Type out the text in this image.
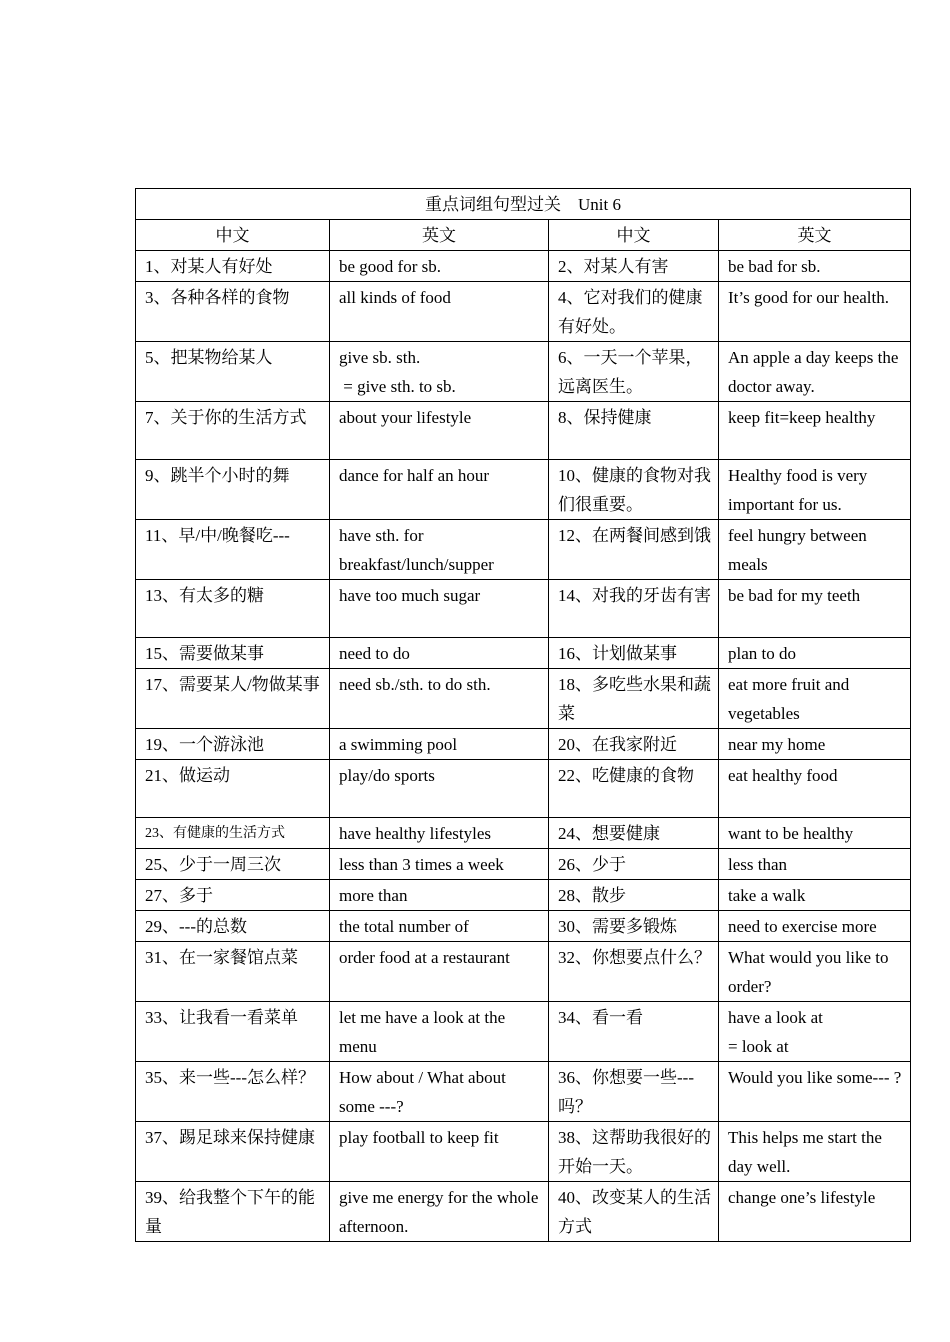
重点词组句型过关    Unit 6			
中文	英文	中文	英文
1、对某人有好处	be good for sb.	2、对某人有害	be bad for sb.
3、各种各样的食物	all kinds of food	4、它对我们的健康有好处。	It’s good for our health.
5、把某物给某人	give sb. sth.
= give sth. to sb.	6、一天一个苹果，远离医生。	An apple a day keeps the doctor away.
7、关于你的生活方式	about your lifestyle	8、保持健康	keep fit=keep healthy
9、跳半个小时的舞	dance for half an hour	10、健康的食物对我们很重要。	Healthy food is very important for us.
11、早/中/晚餐吃---	have sth. for breakfast/lunch/supper	12、在两餐间感到饿	feel hungry between meals
13、有太多的糖	have too much sugar	14、对我的牙齿有害	be bad for my teeth
15、需要做某事	need to do	16、计划做某事	plan to do
17、需要某人/物做某事	need sb./sth. to do sth.	18、多吃些水果和蔬菜	eat more fruit and vegetables
19、一个游泳池	a swimming pool	20、在我家附近	near my home
21、做运动	play/do sports	22、吃健康的食物	eat healthy food
23、有健康的生活方式	have healthy lifestyles	24、想要健康	want to be healthy
25、少于一周三次	less than 3 times a week	26、少于	less than
27、多于	more than	28、散步	take a walk
29、---的总数	the total number of	30、需要多锻炼	need to exercise more
31、在一家餐馆点菜	order food at a restaurant	32、你想要点什么？	What would you like to order?
33、让我看一看菜单	let me have a look at the menu	34、看一看	have a look at
= look at
35、来一些---怎么样？	How about / What about some ---?	36、你想要一些---吗？	Would you like some--- ?
37、踢足球来保持健康	play football to keep fit	38、这帮助我很好的开始一天。	This helps me start the day well.
39、给我整个下午的能量	give me energy for the whole afternoon.	40、改变某人的生活方式	change one’s lifestyle
